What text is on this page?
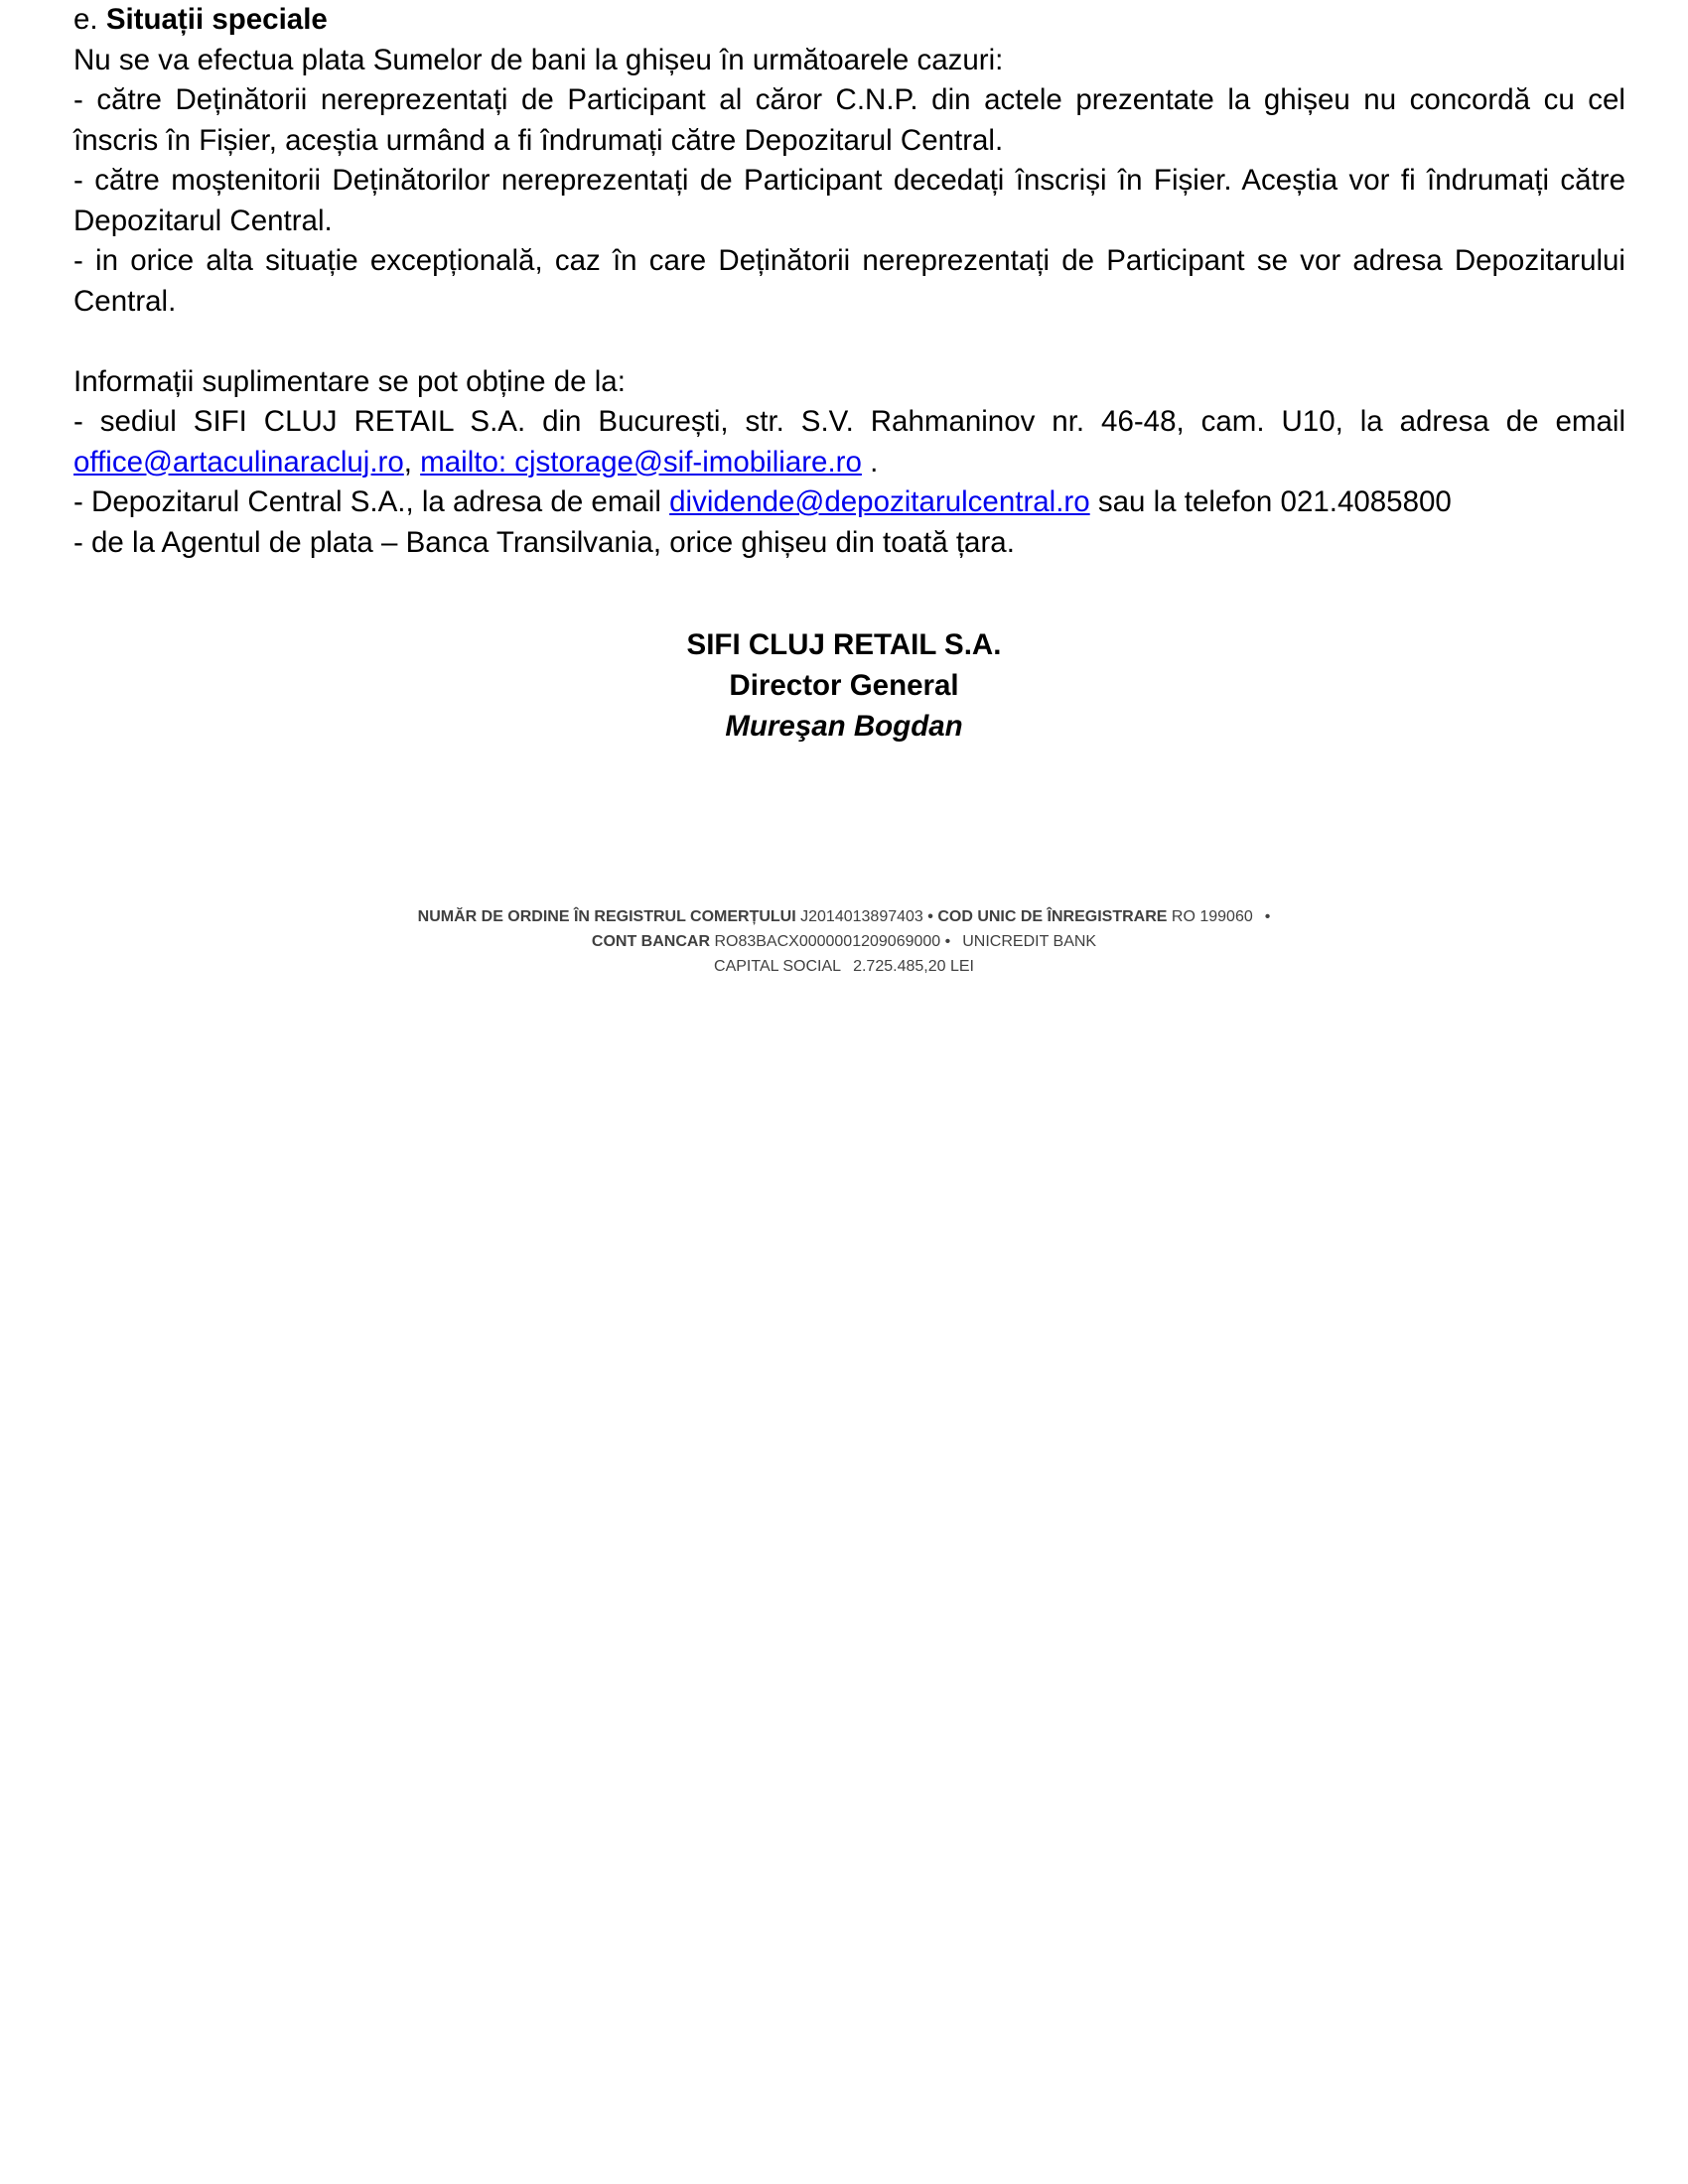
e. Situații speciale

Nu se va efectua plata Sumelor de bani la ghișeu în următoarele cazuri:

- către Deținătorii nereprezentați de Participant al căror C.N.P. din actele prezentate la ghișeu nu concordă cu cel înscris în Fișier, aceștia urmând a fi îndrumați către Depozitarul Central.

- către moștenitorii Deținătorilor nereprezentați de Participant decedați înscriși în Fișier. Aceștia vor fi îndrumați către Depozitarul Central.

- in orice alta situație excepțională, caz în care Deținătorii nereprezentați de Participant se vor adresa Depozitarului Central.

Informații suplimentare se pot obține de la:

- sediul SIFI CLUJ RETAIL S.A. din București, str. S.V. Rahmaninov nr. 46-48, cam. U10, la adresa de email office@artaculinaracluj.ro, mailto: cjstorage@sif-imobiliare.ro .

- Depozitarul Central S.A., la adresa de email dividende@depozitarulcentral.ro sau la telefon 021.4085800

- de la Agentul de plata – Banca Transilvania, orice ghișeu din toată țara.

SIFI CLUJ RETAIL S.A.
Director General
Mureşan Bogdan
NUMĂR DE ORDINE ÎN REGISTRUL COMERȚULUI J2014013897403 • COD UNIC DE ÎNREGISTRARE RO 199060 •
CONT BANCAR RO83BACX0000001209069000 • UNICREDIT BANK
CAPITAL SOCIAL 2.725.485,20 LEI
